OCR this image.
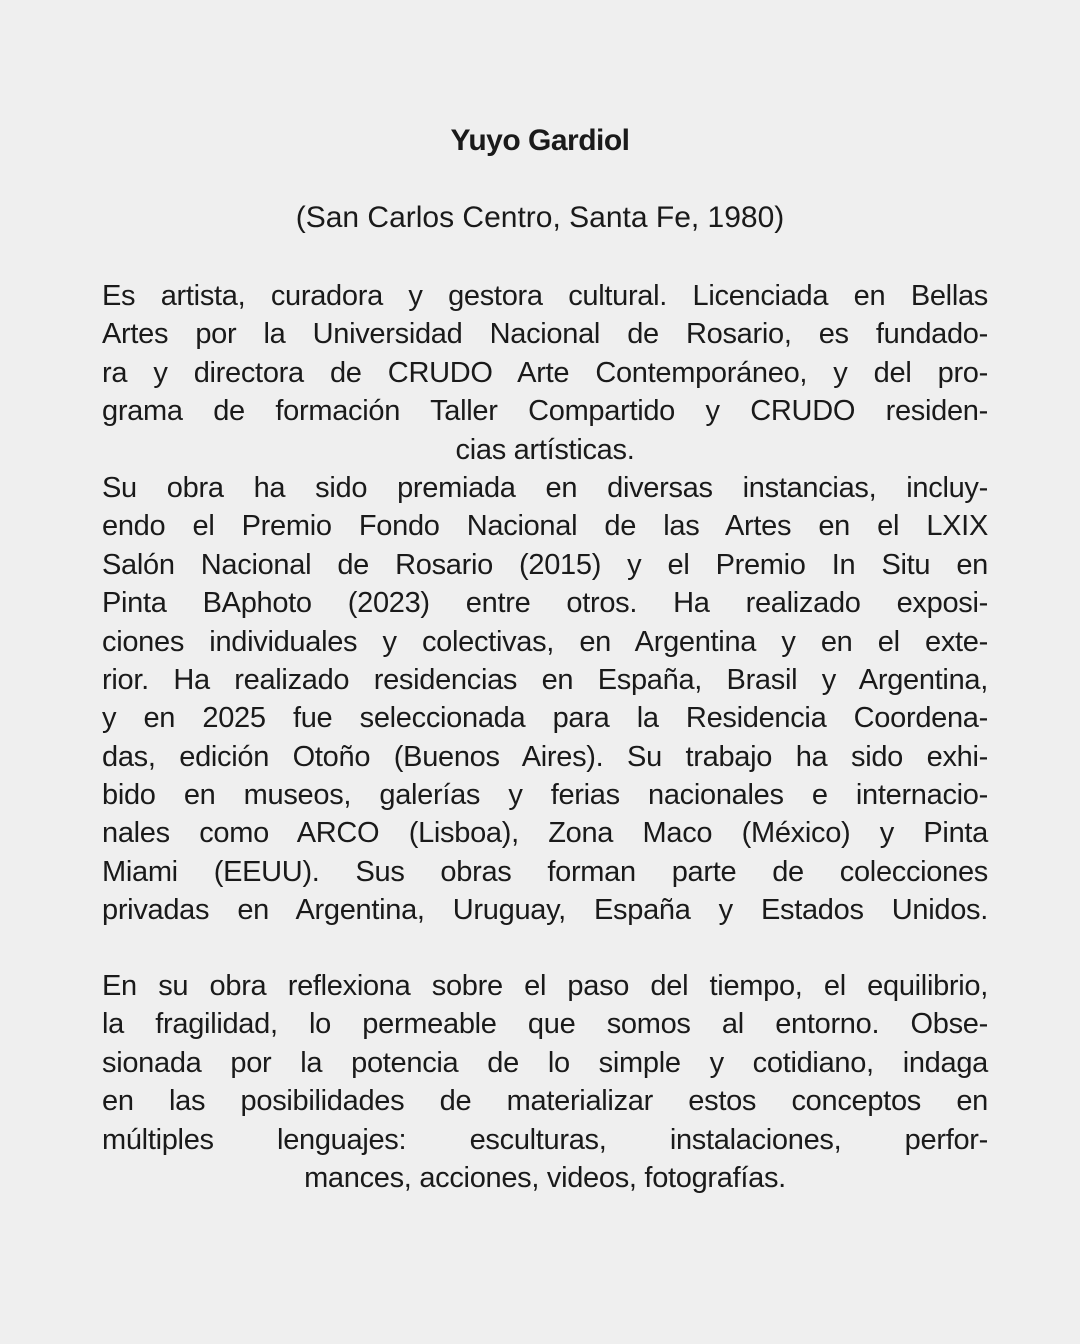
Yuyo Gardiol

(San Carlos Centro, Santa Fe, 1980)

Es artista, curadora y gestora cultural. Licenciada en Bellas
Artes por la Universidad Nacional de Rosario, es fundado-
ra y directora de CRUDO Arte Contemporáneo, y del pro-
grama de formación Taller Compartido y CRUDO residen-
cias artísticas.
Su obra ha sido premiada en diversas instancias, incluy-
endo el Premio Fondo Nacional de las Artes en el LXIX
Salón Nacional de Rosario (2015) y el Premio In Situ en
Pinta BAphoto (2023) entre otros. Ha realizado exposi-
ciones individuales y colectivas, en Argentina y en el exte-
rior. Ha realizado residencias en España, Brasil y Argentina,
y en 2025 fue seleccionada para la Residencia Coordena-
das, edición Otoño (Buenos Aires). Su trabajo ha sido exhi-
bido en museos, galerías y ferias nacionales e internacio-
nales como ARCO (Lisboa), Zona Maco (México) y Pinta
Miami (EEUU). Sus obras forman parte de colecciones
privadas en Argentina, Uruguay, España y Estados Unidos.
En su obra reflexiona sobre el paso del tiempo, el equilibrio,
la fragilidad, lo permeable que somos al entorno. Obse-
sionada por la potencia de lo simple y cotidiano, indaga
en las posibilidades de materializar estos conceptos en
múltiples lenguajes: esculturas, instalaciones, perfor-
mances, acciones, videos, fotografías.
